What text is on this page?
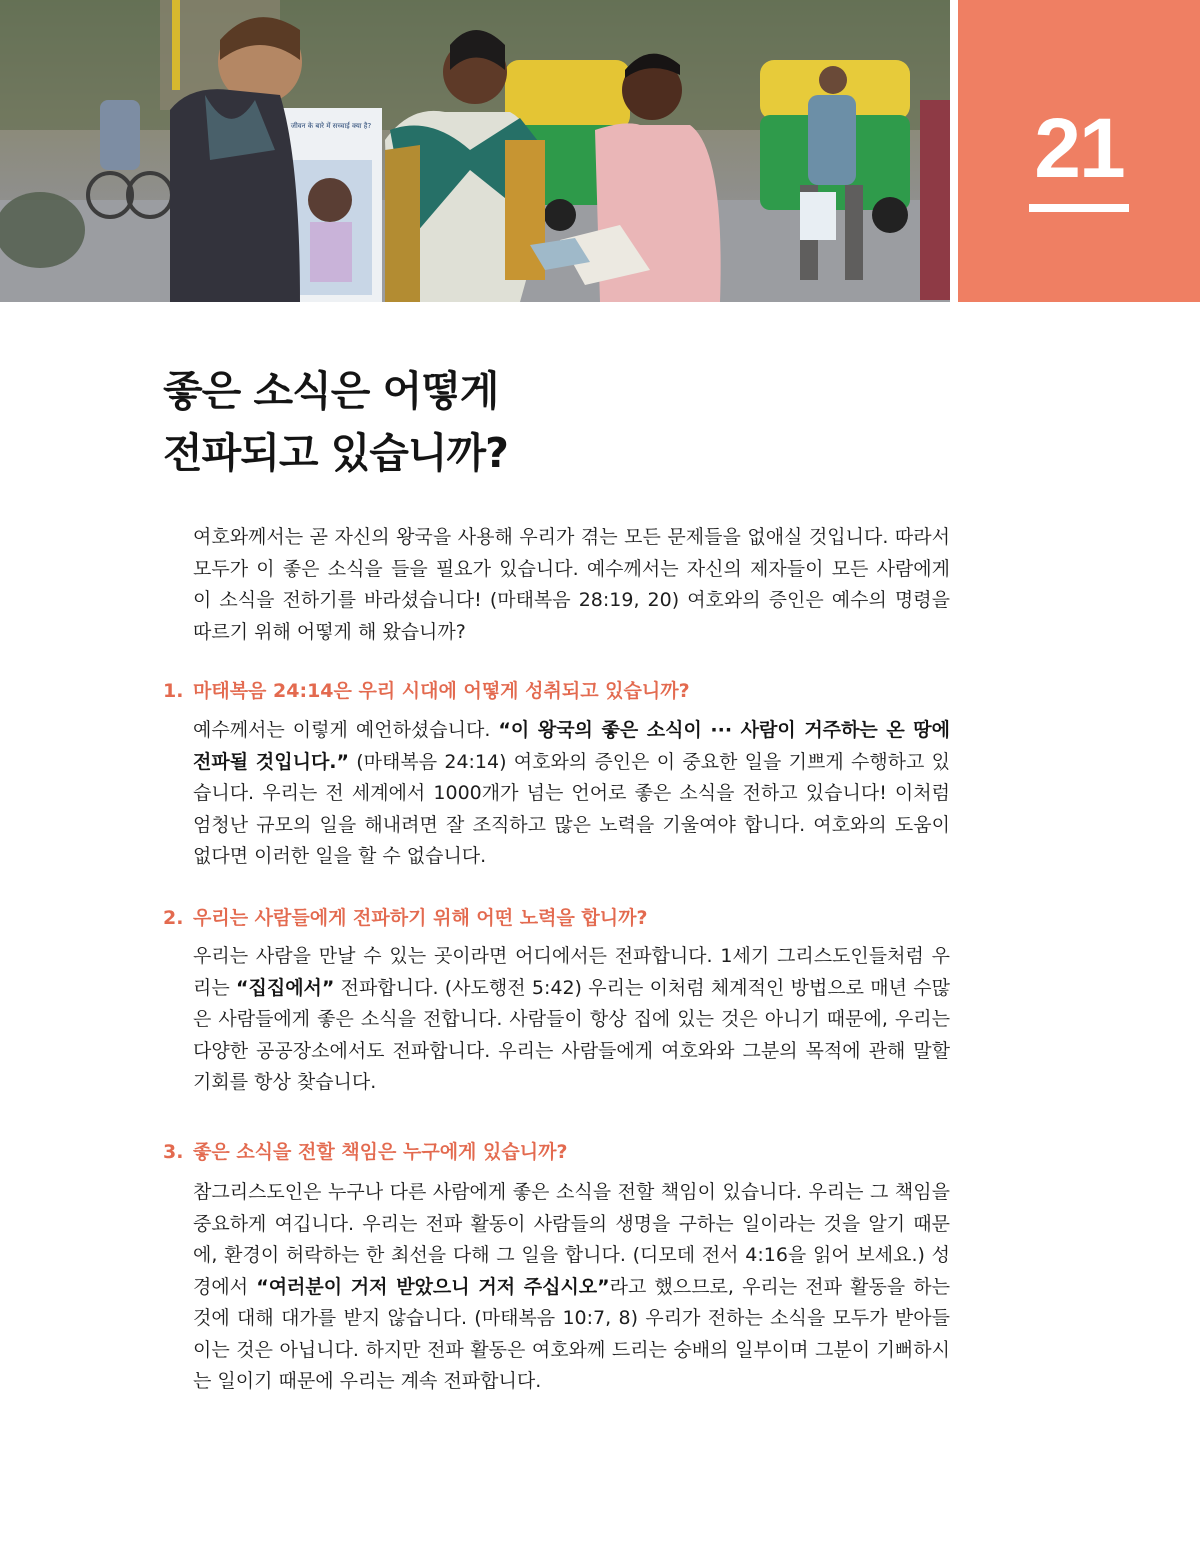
जीवन के बारे में सच्चाई क्या है?	21
좋은 소식은 어떻게
전파되고 있습니까?

여호와께서는 곧 자신의 왕국을 사용해 우리가 겪는 모든 문제들을 없애실 것입니다. 따라서 모두가 이 좋은 소식을 들을 필요가 있습니다. 예수께서는 자신의 제자들이 모든 사람에게 이 소식을 전하기를 바라셨습니다! (마태복음 28:19, 20) 여호와의 증인은 예수의 명령을 따르기 위해 어떻게 해 왔습니까?

1. 마태복음 24:14은 우리 시대에 어떻게 성취되고 있습니까?

예수께서는 이렇게 예언하셨습니다. “이 왕국의 좋은 소식이 ··· 사람이 거주하는 온 땅에 전파될 것입니다.” (마태복음 24:14) 여호와의 증인은 이 중요한 일을 기쁘게 수행하고 있습니다. 우리는 전 세계에서 1000개가 넘는 언어로 좋은 소식을 전하고 있습니다! 이처럼 엄청난 규모의 일을 해내려면 잘 조직하고 많은 노력을 기울여야 합니다. 여호와의 도움이 없다면 이러한 일을 할 수 없습니다.

2. 우리는 사람들에게 전파하기 위해 어떤 노력을 합니까?

우리는 사람을 만날 수 있는 곳이라면 어디에서든 전파합니다. 1세기 그리스도인들처럼 우리는 “집집에서” 전파합니다. (사도행전 5:42) 우리는 이처럼 체계적인 방법으로 매년 수많은 사람들에게 좋은 소식을 전합니다. 사람들이 항상 집에 있는 것은 아니기 때문에, 우리는 다양한 공공장소에서도 전파합니다. 우리는 사람들에게 여호와와 그분의 목적에 관해 말할 기회를 항상 찾습니다.

3. 좋은 소식을 전할 책임은 누구에게 있습니까?

참그리스도인은 누구나 다른 사람에게 좋은 소식을 전할 책임이 있습니다. 우리는 그 책임을 중요하게 여깁니다. 우리는 전파 활동이 사람들의 생명을 구하는 일이라는 것을 알기 때문에, 환경이 허락하는 한 최선을 다해 그 일을 합니다. (디모데 전서 4:16을 읽어 보세요.) 성경에서 “여러분이 거저 받았으니 거저 주십시오”라고 했으므로, 우리는 전파 활동을 하는 것에 대해 대가를 받지 않습니다. (마태복음 10:7, 8) 우리가 전하는 소식을 모두가 받아들이는 것은 아닙니다. 하지만 전파 활동은 여호와께 드리는 숭배의 일부이며 그분이 기뻐하시는 일이기 때문에 우리는 계속 전파합니다.
